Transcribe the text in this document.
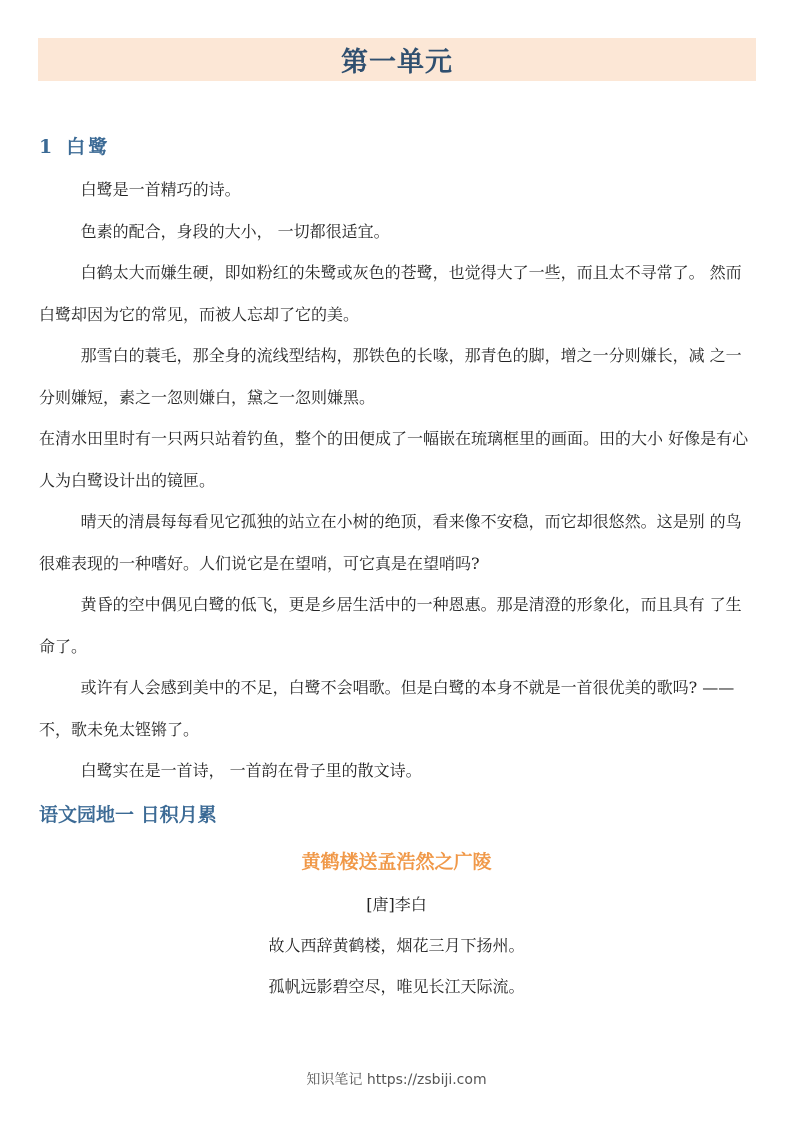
第一单元
1 白鹭

白鹭是一首精巧的诗。

色素的配合，身段的大小， 一切都很适宜。

白鹤太大而嫌生硬，即如粉红的朱鹭或灰色的苍鹭，也觉得大了一些，而且太不寻常了。 然而白鹭却因为它的常见，而被人忘却了它的美。

那雪白的蓑毛，那全身的流线型结构，那铁色的长喙，那青色的脚，增之一分则嫌长，减 之一分则嫌短，素之一忽则嫌白，黛之一忽则嫌黑。

在清水田里时有一只两只站着钓鱼，整个的田便成了一幅嵌在琉璃框里的画面。田的大小 好像是有心人为白鹭设计出的镜匣。

晴天的清晨每每看见它孤独的站立在小树的绝顶，看来像不安稳，而它却很悠然。这是别 的鸟很难表现的一种嗜好。人们说它是在望哨，可它真是在望哨吗?

黄昏的空中偶见白鹭的低飞，更是乡居生活中的一种恩惠。那是清澄的形象化，而且具有 了生命了。

或许有人会感到美中的不足，白鹭不会唱歌。但是白鹭的本身不就是一首很优美的歌吗? ——不，歌未免太铿锵了。

白鹭实在是一首诗， 一首韵在骨子里的散文诗。

语文园地一 日积月累

黄鹤楼送孟浩然之广陵

[唐]李白

故人西辞黄鹤楼，烟花三月下扬州。

孤帆远影碧空尽，唯见长江天际流。

知识笔记 https://zsbiji.com
